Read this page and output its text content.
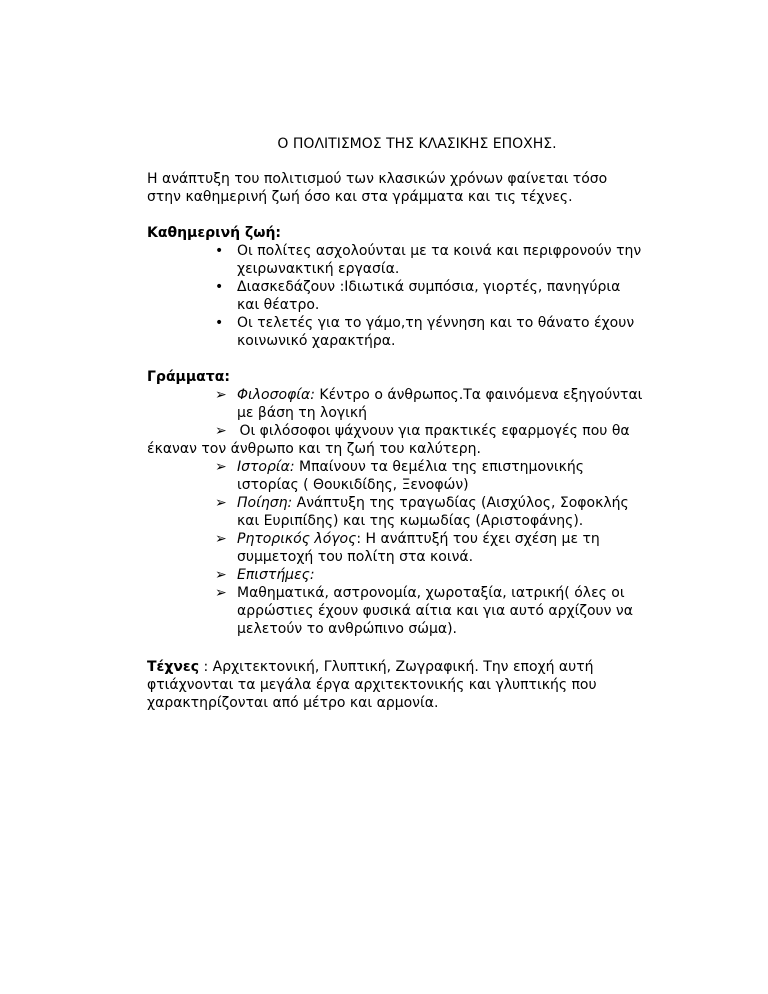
Ο ΠΟΛΙΤΙΣΜΟΣ ΤΗΣ ΚΛΑΣΙΚΗΣ ΕΠΟΧΗΣ.
Η ανάπτυξη του πολιτισμού των κλασικών χρόνων φαίνεται τόσο
στην καθημερινή ζωή όσο και στα γράμματα και τις τέχνες.
Καθημερινή ζωή:
• Οι πολίτες ασχολούνται με τα κοινά και περιφρονούν την
χειρωνακτική εργασία.
• Διασκεδάζουν :Ιδιωτικά συμπόσια, γιορτές, πανηγύρια
και θέατρο.
• Οι τελετές για το γάμο,τη γέννηση και το θάνατο έχουν
κοινωνικό χαρακτήρα.
Γράμματα:
➢ Φιλοσοφία: Κέντρο ο άνθρωπος.Τα φαινόμενα εξηγούνται
με βάση τη λογική
➢ Οι φιλόσοφοι ψάχνουν για πρακτικές εφαρμογές που θα
έκαναν τον άνθρωπο και τη ζωή του καλύτερη.
➢ Ιστορία: Μπαίνουν τα θεμέλια της επιστημονικής
ιστορίας ( Θουκιδίδης, Ξενοφών)
➢ Ποίηση: Ανάπτυξη της τραγωδίας (Αισχύλος, Σοφοκλής
και Ευριπίδης) και της κωμωδίας (Αριστοφάνης).
➢ Ρητορικός λόγος: Η ανάπτυξή του έχει σχέση με τη
συμμετοχή του πολίτη στα κοινά.
➢ Επιστήμες:
➢ Μαθηματικά, αστρονομία, χωροταξία, ιατρική( όλες οι
αρρώστιες έχουν φυσικά αίτια και για αυτό αρχίζουν να
μελετούν το ανθρώπινο σώμα).
Τέχνες : Αρχιτεκτονική, Γλυπτική, Ζωγραφική. Την εποχή αυτή
φτιάχνονται τα μεγάλα έργα αρχιτεκτονικής και γλυπτικής που
χαρακτηρίζονται από μέτρο και αρμονία.
